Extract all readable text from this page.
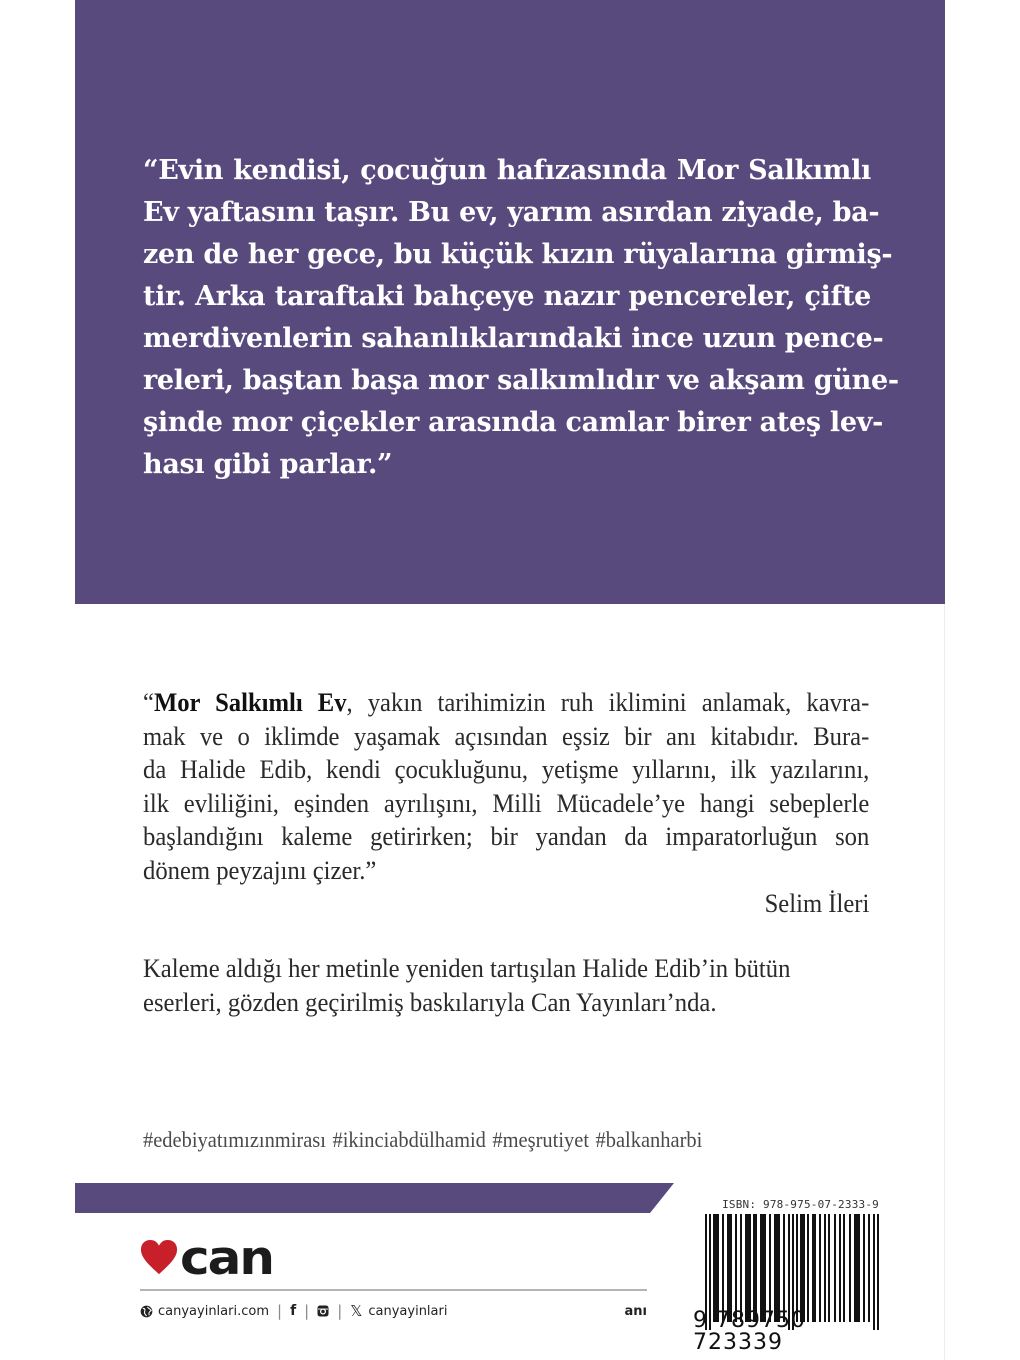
“Evin kendisi, çocuğun hafızasında Mor Salkımlı
Ev yaftasını taşır. Bu ev, yarım asırdan ziyade, ba-
zen de her gece, bu küçük kızın rüyalarına girmiş-
tir. Arka taraftaki bahçeye nazır pencereler, çifte
merdivenlerin sahanlıklarındaki ince uzun pence-
releri, baştan başa mor salkımlıdır ve akşam güne-
şinde mor çiçekler arasında camlar birer ateş lev-
hası gibi parlar.”
“Mor Salkımlı Ev, yakın tarihimizin ruh iklimini anlamak, kavra-
mak ve o iklimde yaşamak açısından eşsiz bir anı kitabıdır. Bura-
da Halide Edib, kendi çocukluğunu, yetişme yıllarını, ilk yazılarını,
ilk evliliğini, eşinden ayrılışını, Milli Mücadele’ye hangi sebeplerle
başlandığını kaleme getirirken; bir yandan da imparatorluğun son
dönem peyzajını çizer.”
Selim İleri
Kaleme aldığı her metinle yeniden tartışılan Halide Edib’in bütün
eserleri, gözden geçirilmiş baskılarıyla Can Yayınları’nda.
#edebiyatımızınmirası #ikinciabdülhamid #meşrutiyet #balkanharbi
can
canyayinlari.com | f | | 𝕏 canyayinlari	anı
ISBN: 978-975-07-2333-9
9 789750 723339
